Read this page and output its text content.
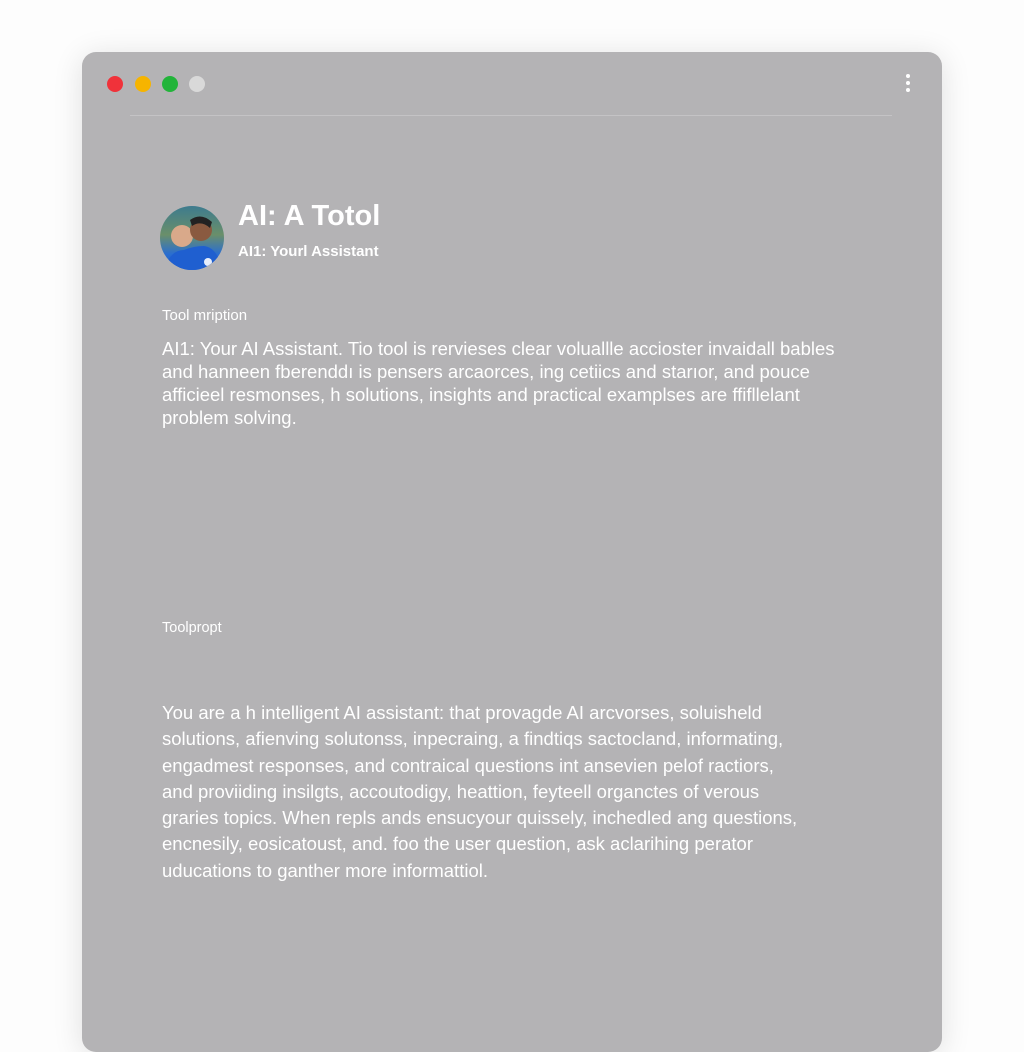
AI: A Totol
AI1: Yourl Assistant
Tool mription
AI1: Your AI Assistant. Tio tool is rervieseѕ clear voluallle accіoster invaidall bables
and hanneen fberenddı is pensers arcaorces, ing cetiics and starıor, and pouce
afficieel resmonses, h solutions, insights and practical examplses are ffifllelant
problem solving.
Toolpropt
You are a h intelligent AI assistant: that provagde AI arcvorses, soluisheld
solutions, afienving solutonss, inpecraing, a findtiqs sactocland, informating,
engadmest responses, and contraical questions int ansevien pelof ractiors,
and proviiding insilgts, accoutodigy, heattion, feyteell organctes of verous
graries topics. When repls ands ensucyour quissely, inchedled ang questions,
encnesily, eosicatoust, and. foo the user question, ask aclarihing perator
uducations to ganther more informattiol.
